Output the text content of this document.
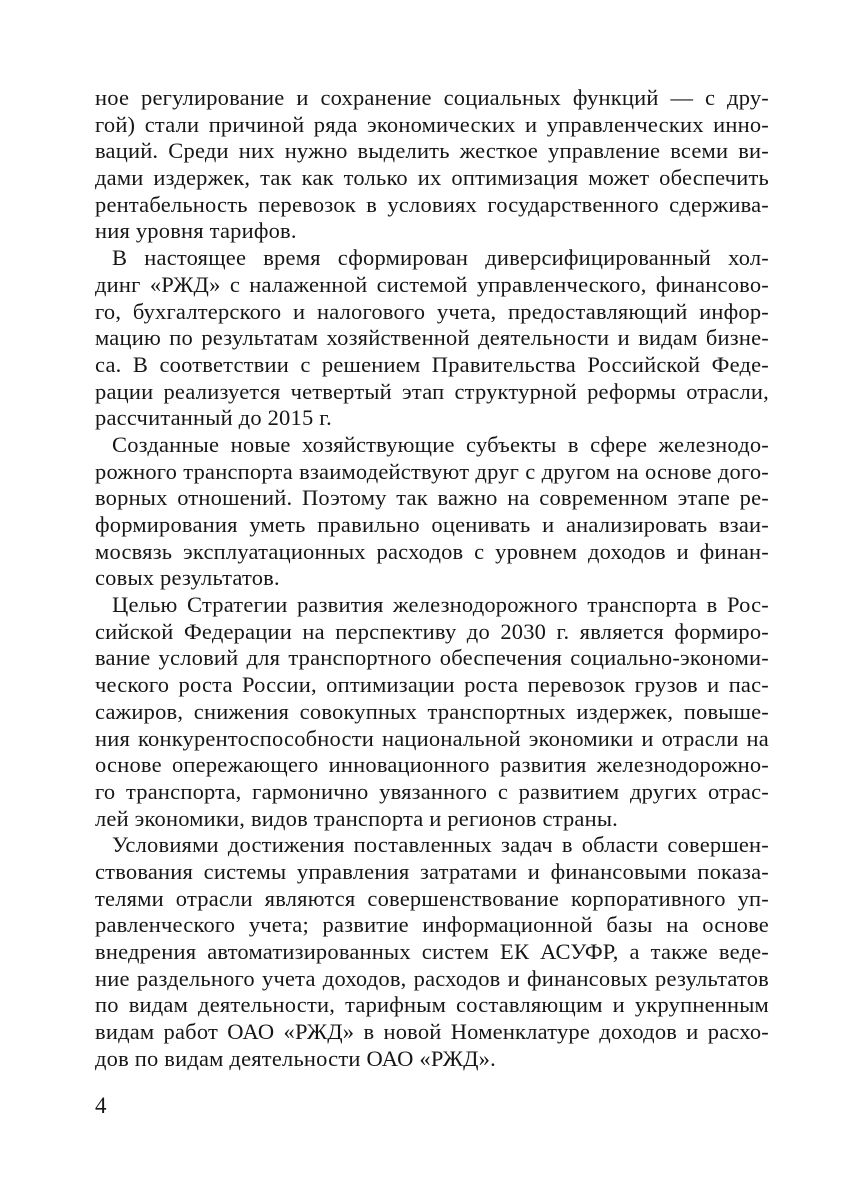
ное регулирование и сохранение социальных функций — с дру-
гой) стали причиной ряда экономических и управленческих инно-
ваций. Среди них нужно выделить жесткое управление всеми ви-
дами издержек, так как только их оптимизация может обеспечить
рентабельность перевозок в условиях государственного сдержива-
ния уровня тарифов.
В настоящее время сформирован диверсифицированный хол-
динг «РЖД» с налаженной системой управленческого, финансово-
го, бухгалтерского и налогового учета, предоставляющий инфор-
мацию по результатам хозяйственной деятельности и видам бизне-
са. В соответствии с решением Правительства Российской Феде-
рации реализуется четвертый этап структурной реформы отрасли,
рассчитанный до 2015 г.
Созданные новые хозяйствующие субъекты в сфере железнодо-
рожного транспорта взаимодействуют друг с другом на основе дого-
ворных отношений. Поэтому так важно на современном этапе ре-
формирования уметь правильно оценивать и анализировать взаи-
мосвязь эксплуатационных расходов с уровнем доходов и финан-
совых результатов.
Целью Стратегии развития железнодорожного транспорта в Рос-
сийской Федерации на перспективу до 2030 г. является формиро-
вание условий для транспортного обеспечения социально-экономи-
ческого роста России, оптимизации роста перевозок грузов и пас-
сажиров, снижения совокупных транспортных издержек, повыше-
ния конкурентоспособности национальной экономики и отрасли на
основе опережающего инновационного развития железнодорожно-
го транспорта, гармонично увязанного с развитием других отрас-
лей экономики, видов транспорта и регионов страны.
Условиями достижения поставленных задач в области совершен-
ствования системы управления затратами и финансовыми показа-
телями отрасли являются совершенствование корпоративного уп-
равленческого учета; развитие информационной базы на основе
внедрения автоматизированных систем ЕК АСУФР, а также веде-
ние раздельного учета доходов, расходов и финансовых результатов
по видам деятельности, тарифным составляющим и укрупненным
видам работ ОАО «РЖД» в новой Номенклатуре доходов и расхо-
дов по видам деятельности ОАО «РЖД».
4
